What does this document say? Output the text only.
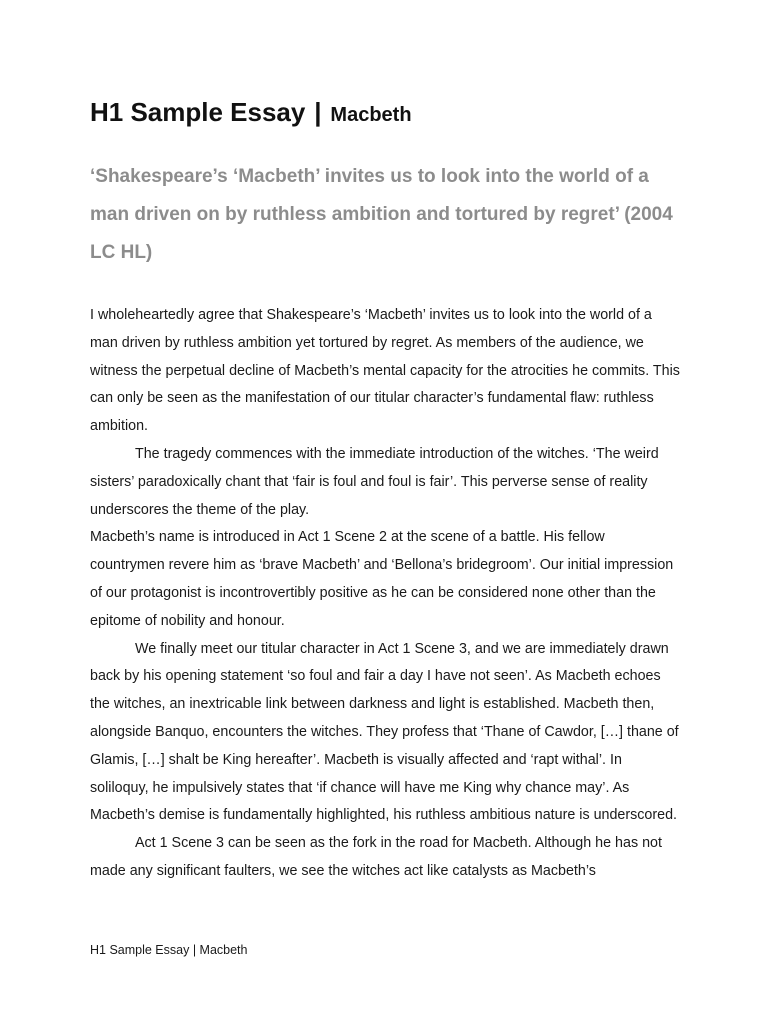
H1 Sample Essay | Macbeth

‘Shakespeare’s ‘Macbeth’ invites us to look into the world of a man driven on by ruthless ambition and tortured by regret’ (2004 LC HL)

I wholeheartedly agree that Shakespeare’s ‘Macbeth’ invites us to look into the world of a man driven by ruthless ambition yet tortured by regret. As members of the audience, we witness the perpetual decline of Macbeth’s mental capacity for the atrocities he commits. This can only be seen as the manifestation of our titular character’s fundamental flaw: ruthless ambition.

The tragedy commences with the immediate introduction of the witches. ‘The weird sisters’ paradoxically chant that ‘fair is foul and foul is fair’. This perverse sense of reality underscores the theme of the play.

Macbeth’s name is introduced in Act 1 Scene 2 at the scene of a battle. His fellow countrymen revere him as ‘brave Macbeth’ and ‘Bellona’s bridegroom’. Our initial impression of our protagonist is incontrovertibly positive as he can be considered none other than the epitome of nobility and honour.

We finally meet our titular character in Act 1 Scene 3, and we are immediately drawn back by his opening statement ‘so foul and fair a day I have not seen’. As Macbeth echoes the witches, an inextricable link between darkness and light is established. Macbeth then, alongside Banquo, encounters the witches. They profess that ‘Thane of Cawdor, […] thane of Glamis, […] shalt be King hereafter’. Macbeth is visually affected and ‘rapt withal’. In soliloquy, he impulsively states that ‘if chance will have me King why chance may’. As Macbeth’s demise is fundamentally highlighted, his ruthless ambitious nature is underscored.

Act 1 Scene 3 can be seen as the fork in the road for Macbeth. Although he has not made any significant faulters, we see the witches act like catalysts as Macbeth’s

H1 Sample Essay | Macbeth
